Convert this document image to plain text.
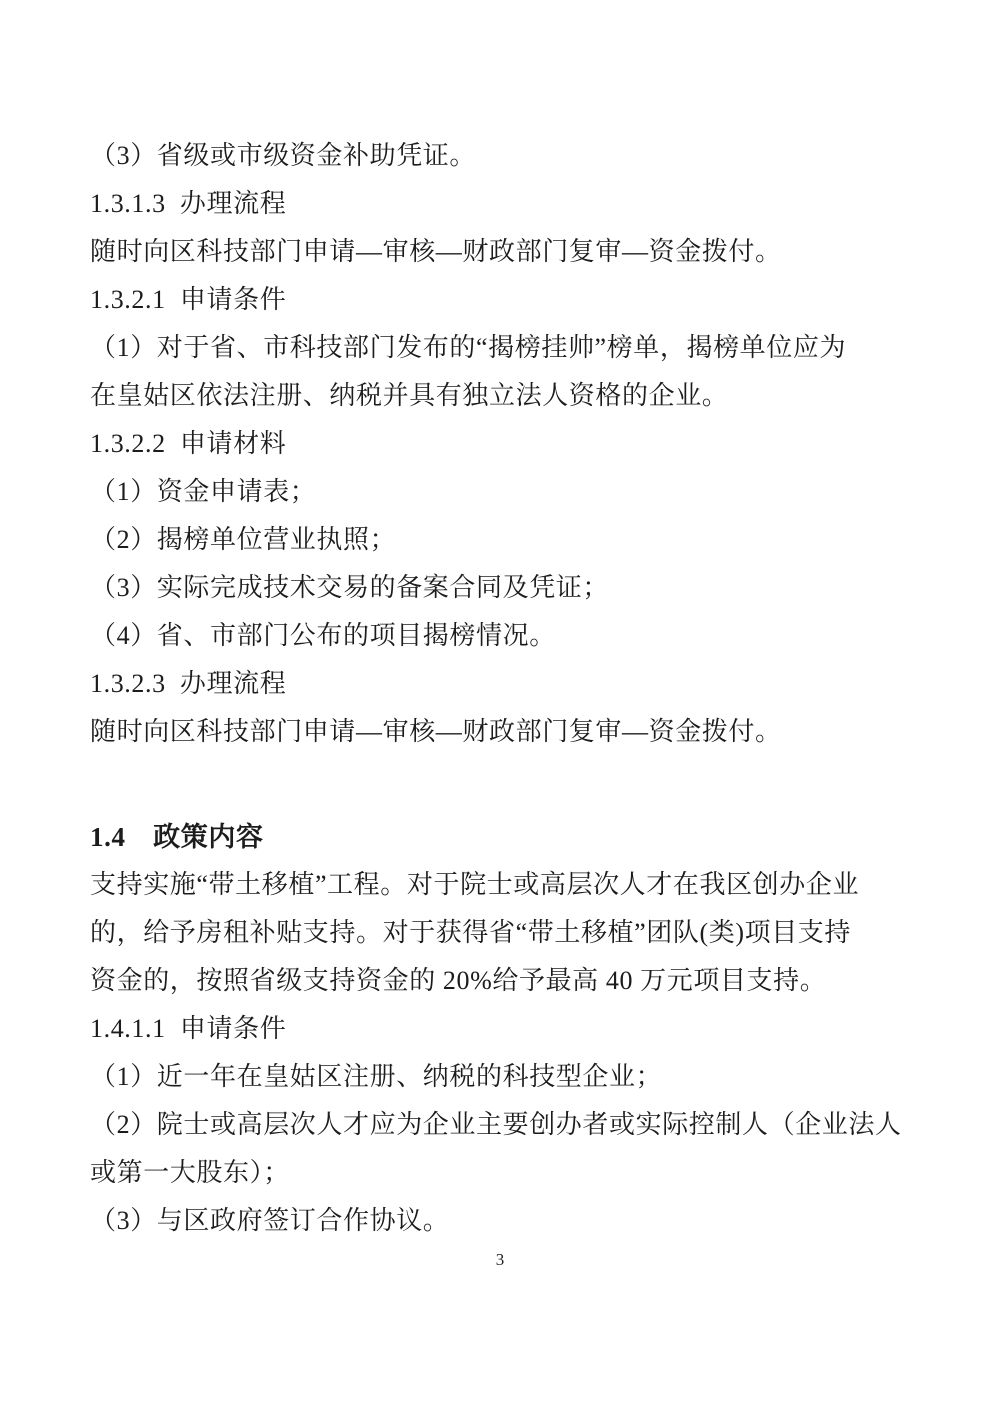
（3）省级或市级资金补助凭证。
1.3.1.3  办理流程
随时向区科技部门申请—审核—财政部门复审—资金拨付。
1.3.2.1  申请条件
（1）对于省、市科技部门发布的“揭榜挂帅”榜单，揭榜单位应为
在皇姑区依法注册、纳税并具有独立法人资格的企业。
1.3.2.2  申请材料
（1）资金申请表；
（2）揭榜单位营业执照；
（3）实际完成技术交易的备案合同及凭证；
（4）省、市部门公布的项目揭榜情况。
1.3.2.3  办理流程
随时向区科技部门申请—审核—财政部门复审—资金拨付。
1.4　政策内容
支持实施“带土移植”工程。对于院士或高层次人才在我区创办企业
的，给予房租补贴支持。对于获得省“带土移植”团队(类)项目支持
资金的，按照省级支持资金的 20%给予最高 40 万元项目支持。
1.4.1.1  申请条件
（1）近一年在皇姑区注册、纳税的科技型企业；
（2）院士或高层次人才应为企业主要创办者或实际控制人（企业法人
或第一大股东）；
（3）与区政府签订合作协议。
3
